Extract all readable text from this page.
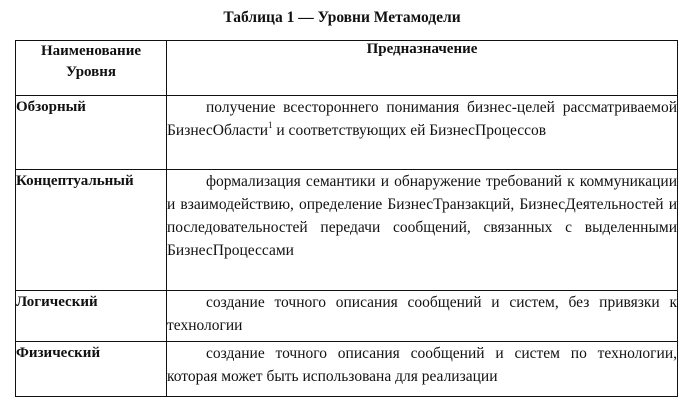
Таблица 1 — Уровни Метамодели
Наименование Уровня	Предназначение
Обзорный	получение всестороннего понимания бизнес-целей рассматриваемой БизнесОбласти$^1$ и соответствующих ей БизнесПроцессов

Концептуальный	формализация семантики и обнаружение требований к коммуникации и взаимодействию, определение БизнесТранзакций, БизнесДеятельностей и последовательностей передачи сообщений, связанных с выделенными БизнесПроцессами

Логический	создание точного описания сообщений и систем, без привязки к технологии

Физический	создание точного описания сообщений и систем по технологии, которая может быть использована для реализации
